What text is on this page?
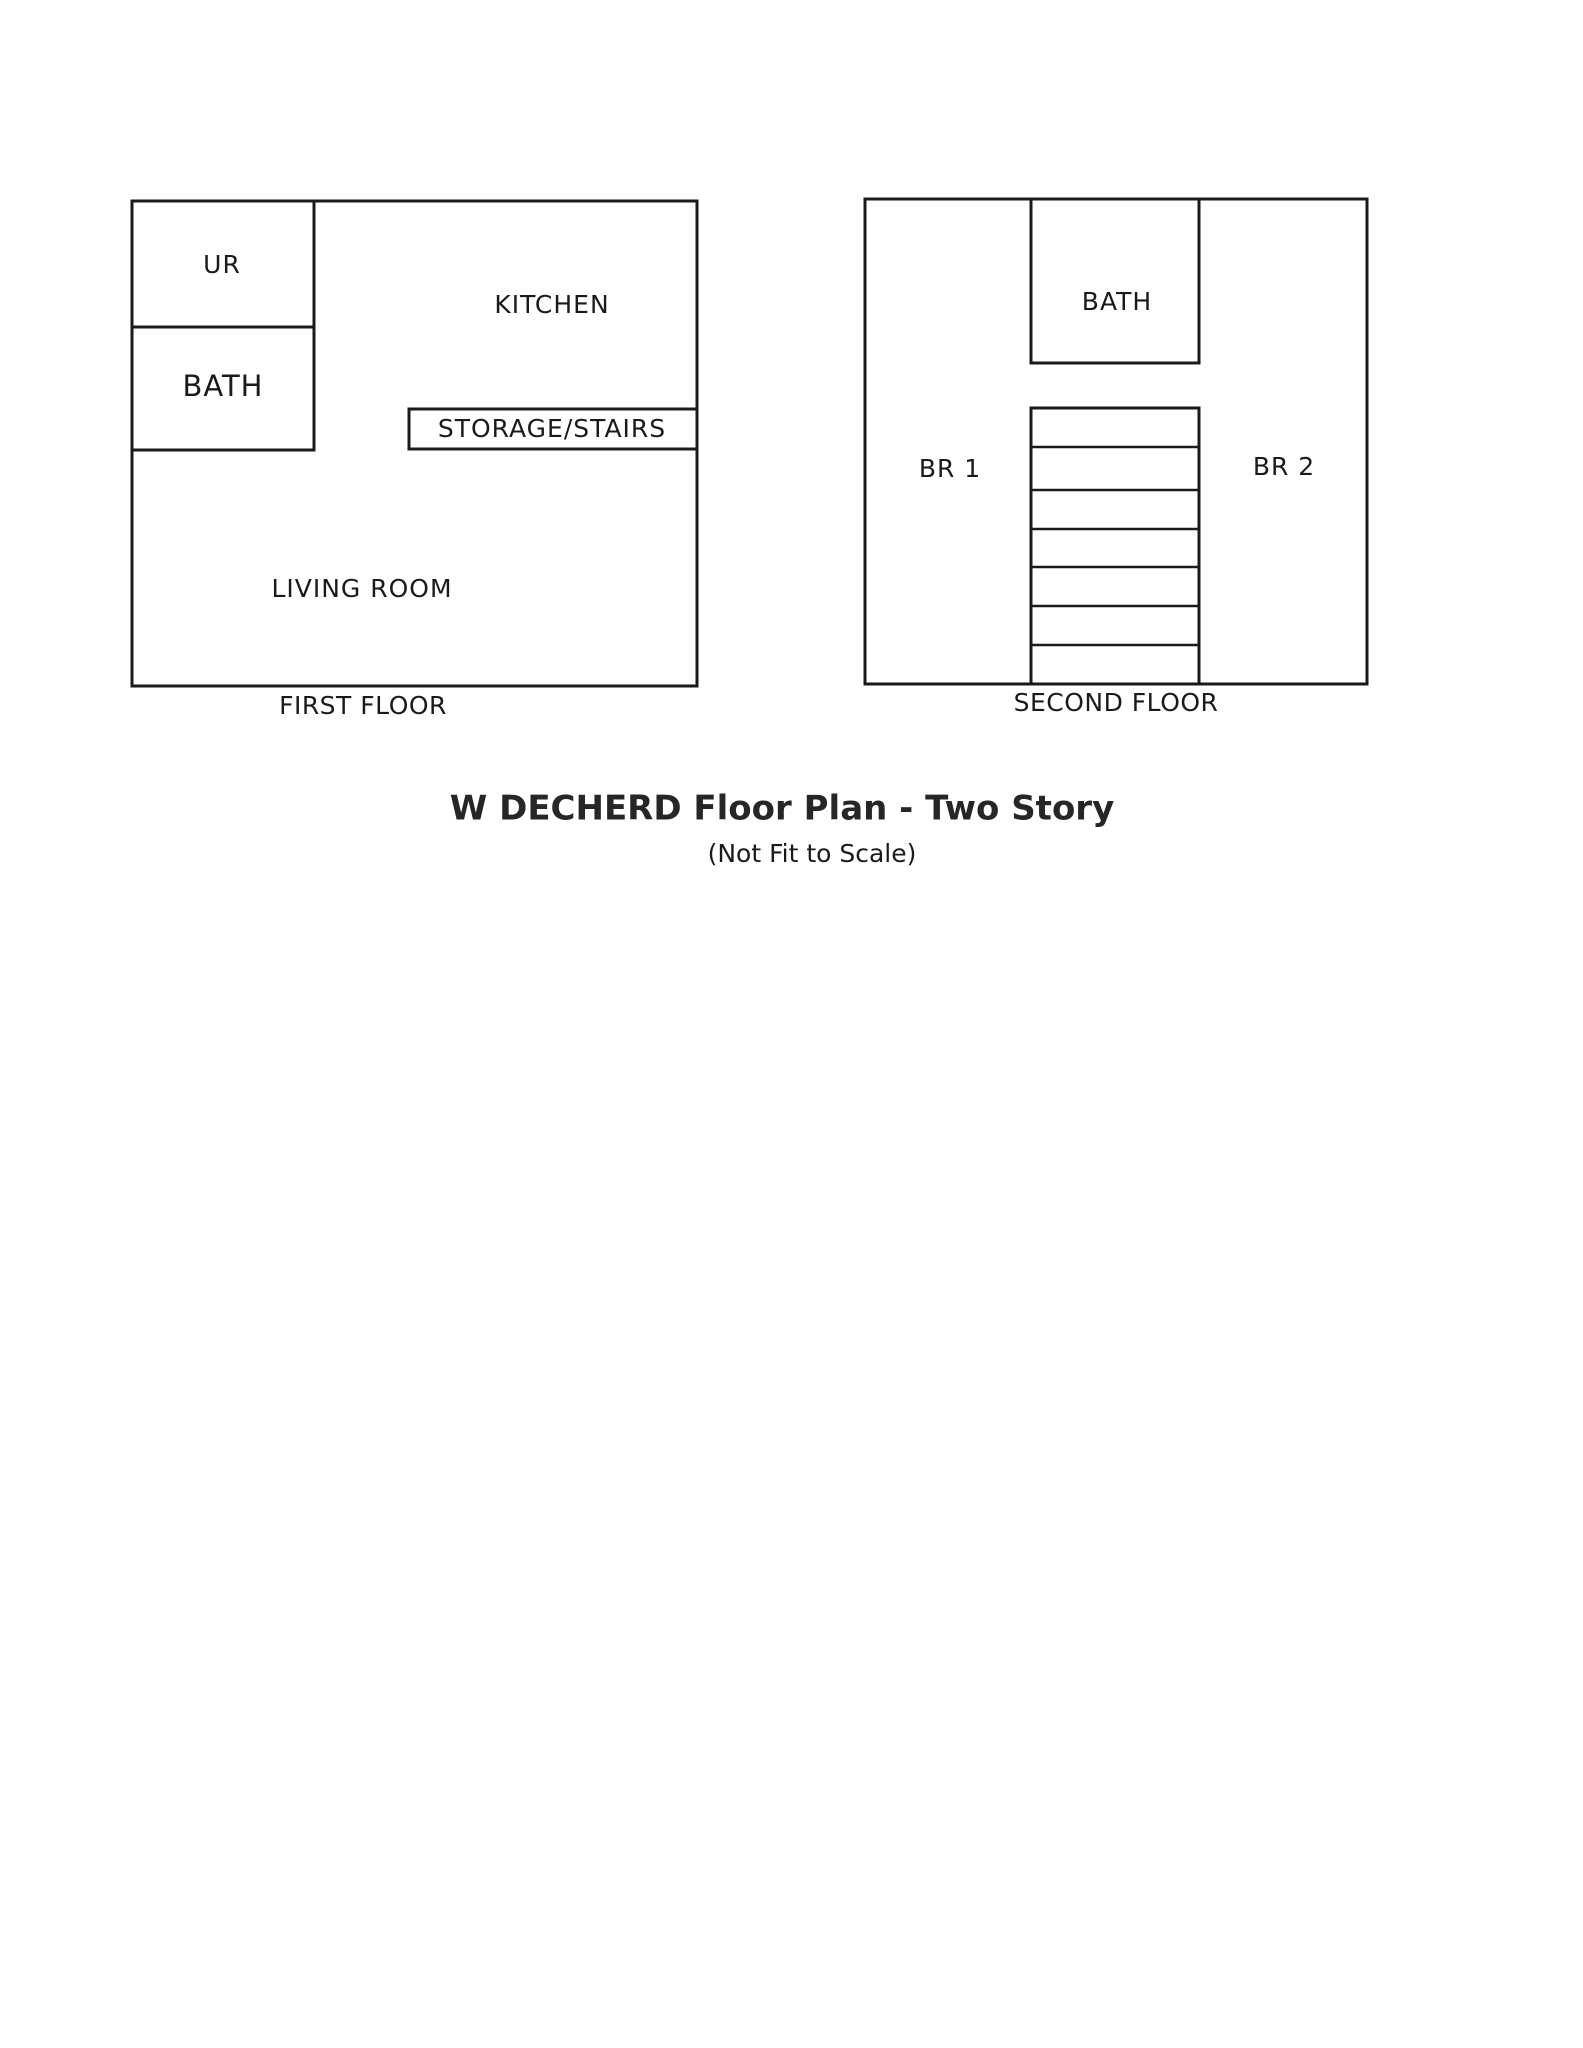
UR
BATH
KITCHEN
STORAGE/STAIRS
LIVING ROOM
FIRST FLOOR
BATH
BR 1	BR 2
SECOND FLOOR
W DECHERD Floor Plan - Two Story
(Not Fit to Scale)
